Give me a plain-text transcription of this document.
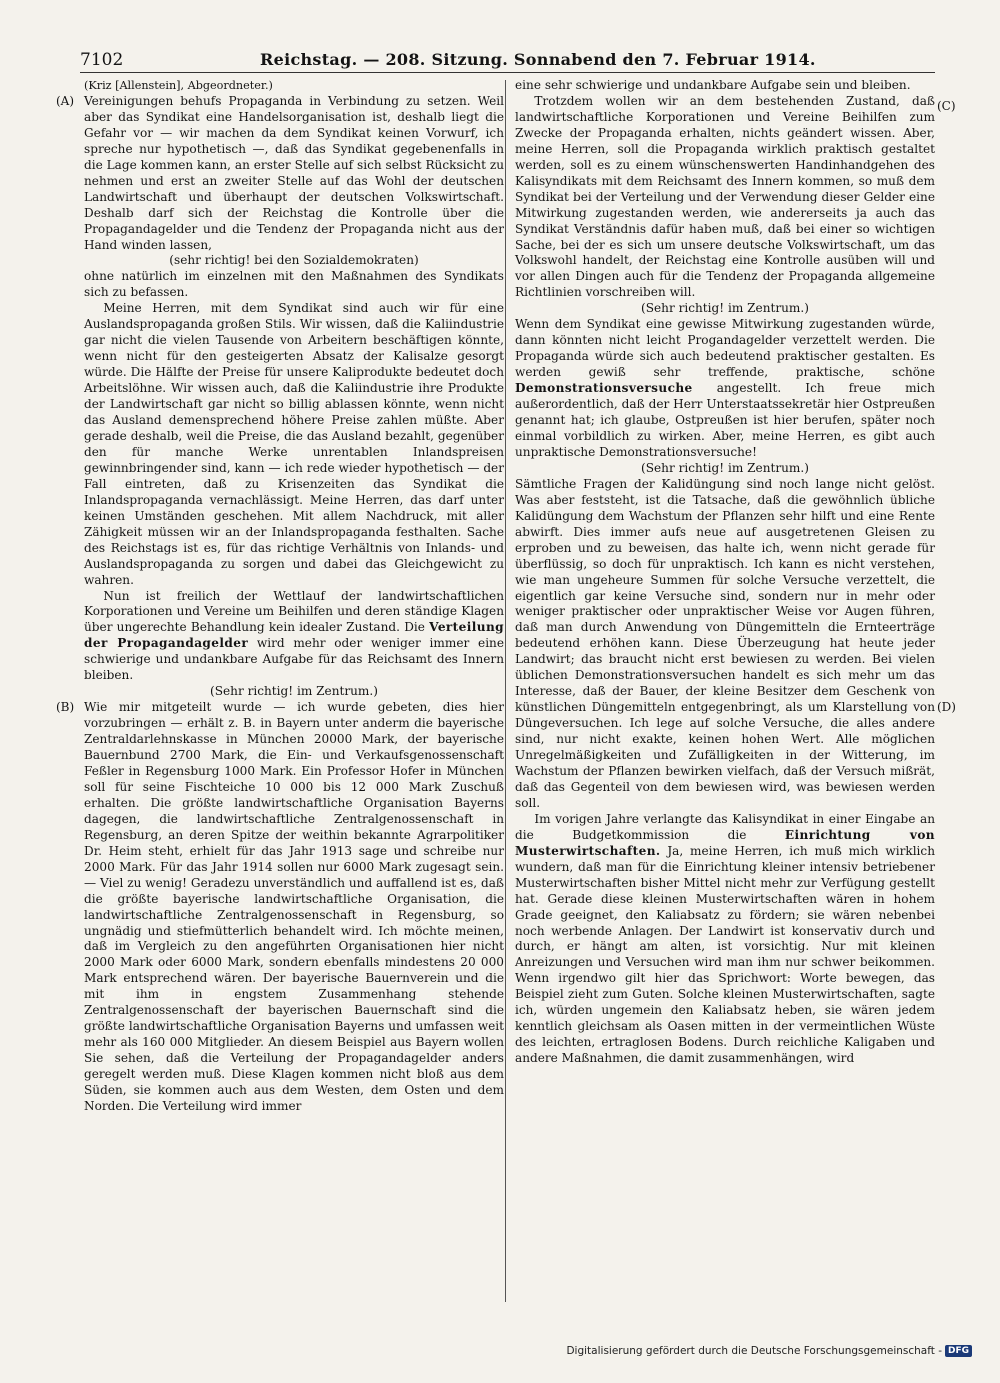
7102	Reichstag. — 208. Sitzung. Sonnabend den 7. Februar 1914.
(A)
(B)
(C)
(D)

(Kriz [Allenstein], Abgeordneter.)

Vereinigungen behufs Propaganda in Verbindung zu setzen. Weil aber das Syndikat eine Handelsorganisation ist, deshalb liegt die Gefahr vor — wir machen da dem Syndikat keinen Vorwurf, ich spreche nur hypothetisch —, daß das Syndikat gegebenenfalls in die Lage kommen kann, an erster Stelle auf sich selbst Rücksicht zu nehmen und erst an zweiter Stelle auf das Wohl der deutschen Landwirtschaft und überhaupt der deutschen Volkswirtschaft. Deshalb darf sich der Reichstag die Kontrolle über die Propagandagelder und die Tendenz der Propaganda nicht aus der Hand winden lassen,

(sehr richtig! bei den Sozialdemokraten)

ohne natürlich im einzelnen mit den Maßnahmen des Syndikats sich zu befassen.

Meine Herren, mit dem Syndikat sind auch wir für eine Auslandspropaganda großen Stils. Wir wissen, daß die Kaliindustrie gar nicht die vielen Tausende von Arbeitern beschäftigen könnte, wenn nicht für den gesteigerten Absatz der Kalisalze gesorgt würde. Die Hälfte der Preise für unsere Kaliprodukte bedeutet doch Arbeitslöhne. Wir wissen auch, daß die Kaliindustrie ihre Produkte der Landwirtschaft gar nicht so billig ablassen könnte, wenn nicht das Ausland demensprechend höhere Preise zahlen müßte. Aber gerade deshalb, weil die Preise, die das Ausland bezahlt, gegenüber den für manche Werke unrentablen Inlandspreisen gewinnbringender sind, kann — ich rede wieder hypothetisch — der Fall eintreten, daß zu Krisenzeiten das Syndikat die Inlandspropaganda vernachlässigt. Meine Herren, das darf unter keinen Umständen geschehen. Mit allem Nachdruck, mit aller Zähigkeit müssen wir an der Inlandspropaganda festhalten. Sache des Reichstags ist es, für das richtige Verhältnis von Inlands- und Auslandspropaganda zu sorgen und dabei das Gleichgewicht zu wahren.

Nun ist freilich der Wettlauf der landwirtschaftlichen Korporationen und Vereine um Beihilfen und deren ständige Klagen über ungerechte Behandlung kein idealer Zustand. Die Verteilung der Propagandagelder wird mehr oder weniger immer eine schwierige und undankbare Aufgabe für das Reichsamt des Innern bleiben.

(Sehr richtig! im Zentrum.)

Wie mir mitgeteilt wurde — ich wurde gebeten, dies hier vorzubringen — erhält z. B. in Bayern unter anderm die bayerische Zentraldarlehnskasse in München 20000 Mark, der bayerische Bauernbund 2700 Mark, die Ein- und Verkaufsgenossenschaft Feßler in Regensburg 1000 Mark. Ein Professor Hofer in München soll für seine Fischteiche 10 000 bis 12 000 Mark Zuschuß erhalten. Die größte landwirtschaftliche Organisation Bayerns dagegen, die landwirtschaftliche Zentralgenossenschaft in Regensburg, an deren Spitze der weithin bekannte Agrarpolitiker Dr. Heim steht, erhielt für das Jahr 1913 sage und schreibe nur 2000 Mark. Für das Jahr 1914 sollen nur 6000 Mark zugesagt sein. — Viel zu wenig! Geradezu unverständlich und auffallend ist es, daß die größte bayerische landwirtschaftliche Organisation, die landwirtschaftliche Zentralgenossenschaft in Regensburg, so ungnädig und stiefmütterlich behandelt wird. Ich möchte meinen, daß im Vergleich zu den angeführten Organisationen hier nicht 2000 Mark oder 6000 Mark, sondern ebenfalls mindestens 20 000 Mark entsprechend wären. Der bayerische Bauernverein und die mit ihm in engstem Zusammenhang stehende Zentralgenossenschaft der bayerischen Bauernschaft sind die größte landwirtschaftliche Organisation Bayerns und umfassen weit mehr als 160 000 Mitglieder. An diesem Beispiel aus Bayern wollen Sie sehen, daß die Verteilung der Propagandagelder anders geregelt werden muß. Diese Klagen kommen nicht bloß aus dem Süden, sie kommen auch aus dem Westen, dem Osten und dem Norden. Die Verteilung wird immer

eine sehr schwierige und undankbare Aufgabe sein und bleiben.

Trotzdem wollen wir an dem bestehenden Zustand, daß landwirtschaftliche Korporationen und Vereine Beihilfen zum Zwecke der Propaganda erhalten, nichts geändert wissen. Aber, meine Herren, soll die Propaganda wirklich praktisch gestaltet werden, soll es zu einem wünschenswerten Handinhandgehen des Kalisyndikats mit dem Reichsamt des Innern kommen, so muß dem Syndikat bei der Verteilung und der Verwendung dieser Gelder eine Mitwirkung zugestanden werden, wie andererseits ja auch das Syndikat Verständnis dafür haben muß, daß bei einer so wichtigen Sache, bei der es sich um unsere deutsche Volkswirtschaft, um das Volkswohl handelt, der Reichstag eine Kontrolle ausüben will und vor allen Dingen auch für die Tendenz der Propaganda allgemeine Richtlinien vorschreiben will.

(Sehr richtig! im Zentrum.)

Wenn dem Syndikat eine gewisse Mitwirkung zugestanden würde, dann könnten nicht leicht Progandagelder verzettelt werden. Die Propaganda würde sich auch bedeutend praktischer gestalten. Es werden gewiß sehr treffende, praktische, schöne Demonstrationsversuche angestellt. Ich freue mich außerordentlich, daß der Herr Unterstaatssekretär hier Ostpreußen genannt hat; ich glaube, Ostpreußen ist hier berufen, später noch einmal vorbildlich zu wirken. Aber, meine Herren, es gibt auch unpraktische Demonstrationsversuche!

(Sehr richtig! im Zentrum.)

Sämtliche Fragen der Kalidüngung sind noch lange nicht gelöst. Was aber feststeht, ist die Tatsache, daß die gewöhnlich übliche Kalidüngung dem Wachstum der Pflanzen sehr hilft und eine Rente abwirft. Dies immer aufs neue auf ausgetretenen Gleisen zu erproben und zu beweisen, das halte ich, wenn nicht gerade für überflüssig, so doch für unpraktisch. Ich kann es nicht verstehen, wie man ungeheure Summen für solche Versuche verzettelt, die eigentlich gar keine Versuche sind, sondern nur in mehr oder weniger praktischer oder unpraktischer Weise vor Augen führen, daß man durch Anwendung von Düngemitteln die Ernteerträge bedeutend erhöhen kann. Diese Überzeugung hat heute jeder Landwirt; das braucht nicht erst bewiesen zu werden. Bei vielen üblichen Demonstrationsversuchen handelt es sich mehr um das Interesse, daß der Bauer, der kleine Besitzer dem Geschenk von künstlichen Düngemitteln entgegenbringt, als um Klarstellung von Düngeversuchen. Ich lege auf solche Versuche, die alles andere sind, nur nicht exakte, keinen hohen Wert. Alle möglichen Unregelmäßigkeiten und Zufälligkeiten in der Witterung, im Wachstum der Pflanzen bewirken vielfach, daß der Versuch mißrät, daß das Gegenteil von dem bewiesen wird, was bewiesen werden soll.

Im vorigen Jahre verlangte das Kalisyndikat in einer Eingabe an die Budgetkommission die Einrichtung von Musterwirtschaften. Ja, meine Herren, ich muß mich wirklich wundern, daß man für die Einrichtung kleiner intensiv betriebener Musterwirtschaften bisher Mittel nicht mehr zur Verfügung gestellt hat. Gerade diese kleinen Musterwirtschaften wären in hohem Grade geeignet, den Kaliabsatz zu fördern; sie wären nebenbei noch werbende Anlagen. Der Landwirt ist konservativ durch und durch, er hängt am alten, ist vorsichtig. Nur mit kleinen Anreizungen und Versuchen wird man ihm nur schwer beikommen. Wenn irgendwo gilt hier das Sprichwort: Worte bewegen, das Beispiel zieht zum Guten. Solche kleinen Musterwirtschaften, sagte ich, würden ungemein den Kaliabsatz heben, sie wären jedem kenntlich gleichsam als Oasen mitten in der vermeintlichen Wüste des leichten, ertraglosen Bodens. Durch reichliche Kaligaben und andere Maßnahmen, die damit zusammenhängen, wird

Digitalisierung gefördert durch die Deutsche Forschungsgemeinschaft - DFG
